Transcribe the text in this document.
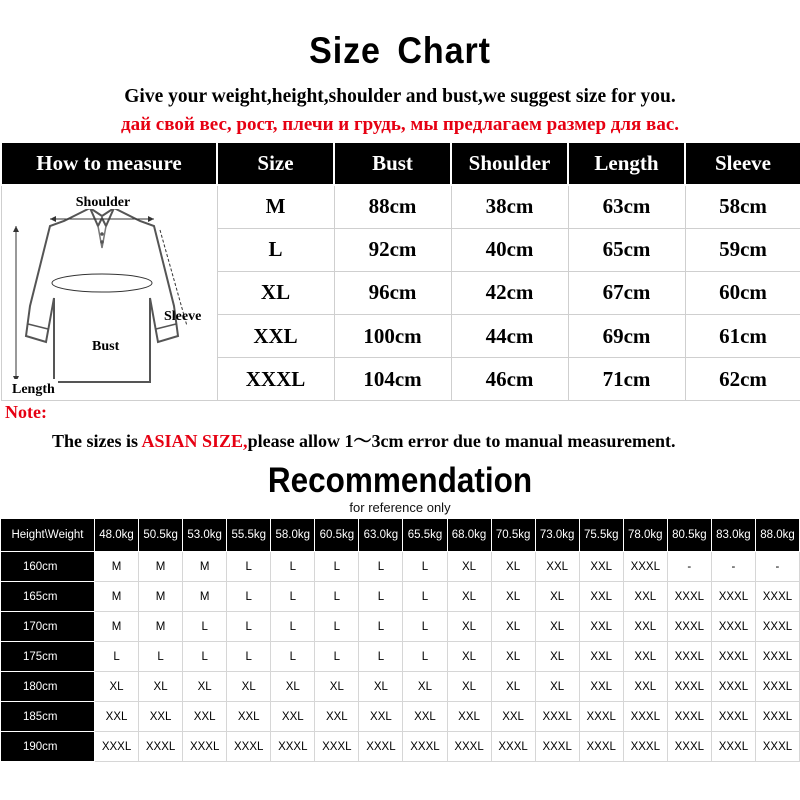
Size Chart
Give your weight,height,shoulder and bust,we suggest size for you.
дай свой вес, рост, плечи и грудь, мы предлагаем размер для вас.
How to measure	Size	Bust	Shoulder	Length	Sleeve

Shoulder
Sleeve
Bust
Length	M	88cm	38cm	63cm	58cm
	L	92cm	40cm	65cm	59cm
	XL	96cm	42cm	67cm	60cm
	XXL	100cm	44cm	69cm	61cm
	XXXL	104cm	46cm	71cm	62cm
Note:
The sizes is ASIAN SIZE,please allow 1～3cm error due to manual measurement.
Recommendation
for reference only
Height\Weight	48.0kg	50.5kg	53.0kg	55.5kg	58.0kg	60.5kg	63.0kg	65.5kg	68.0kg	70.5kg	73.0kg	75.5kg	78.0kg	80.5kg	83.0kg	88.0kg
160cm	M	M	M	L	L	L	L	L	XL	XL	XXL	XXL	XXXL	-	-	-
165cm	M	M	M	L	L	L	L	L	XL	XL	XL	XXL	XXL	XXXL	XXXL	XXXL
170cm	M	M	L	L	L	L	L	L	XL	XL	XL	XXL	XXL	XXXL	XXXL	XXXL
175cm	L	L	L	L	L	L	L	L	XL	XL	XL	XXL	XXL	XXXL	XXXL	XXXL
180cm	XL	XL	XL	XL	XL	XL	XL	XL	XL	XL	XL	XXL	XXL	XXXL	XXXL	XXXL
185cm	XXL	XXL	XXL	XXL	XXL	XXL	XXL	XXL	XXL	XXL	XXXL	XXXL	XXXL	XXXL	XXXL	XXXL
190cm	XXXL	XXXL	XXXL	XXXL	XXXL	XXXL	XXXL	XXXL	XXXL	XXXL	XXXL	XXXL	XXXL	XXXL	XXXL	XXXL
